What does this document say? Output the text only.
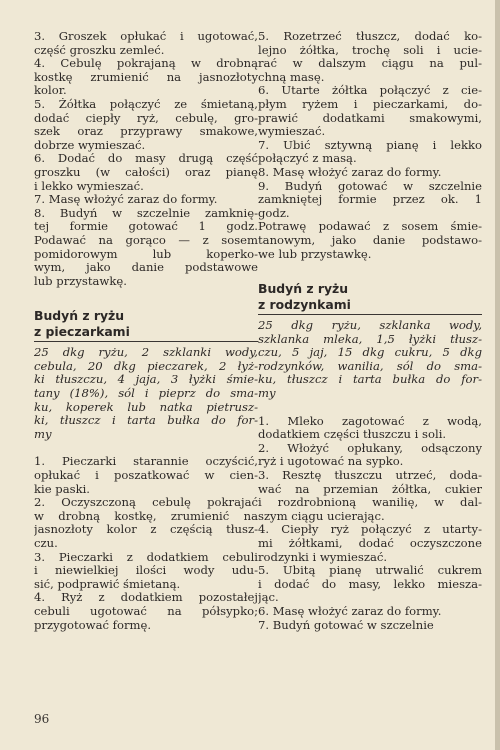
3. Groszek opłukać i ugotować,
część groszku zemleć.
4. Cebulę pokrajaną w drobną
kostkę zrumienić na jasnozłoty
kolor.
5. Żółtka połączyć ze śmietaną,
dodać ciepły ryż, cebulę, gro-
szek oraz przyprawy smakowe,
dobrze wymieszać.
6. Dodać do masy drugą część
groszku (w całości) oraz pianę
i lekko wymieszać.
7. Masę włożyć zaraz do formy.
8. Budyń w szczelnie zamknię-
tej formie gotować 1 godz.
Podawać na gorąco — z sosem
pomidorowym lub koperko-
wym, jako danie podstawowe
lub przystawkę.
Budyń z ryżu
z pieczarkami
25 dkg ryżu, 2 szklanki wody,
cebula, 20 dkg pieczarek, 2 łyż-
ki tłuszczu, 4 jaja, 3 łyżki śmie-
tany (18%), sól i pieprz do sma-
ku, koperek lub natka pietrusz-
ki, tłuszcz i tarta bułka do for-
my
1. Pieczarki starannie oczyścić,
opłukać i poszatkować w cien-
kie paski.
2. Oczyszczoną cebulę pokrajać
w drobną kostkę, zrumienić na
jasnozłoty kolor z częścią tłusz-
czu.
3. Pieczarki z dodatkiem cebuli
i niewielkiej ilości wody udu-
sić, podprawić śmietaną.
4. Ryż z dodatkiem pozostałej
cebuli ugotować na półsypko;
przygotować formę.
5. Rozetrzeć tłuszcz, dodać ko-
lejno żółtka, trochę soli i ucie-
rać w dalszym ciągu na pul-
chną masę.
6. Utarte żółtka połączyć z cie-
płym ryżem i pieczarkami, do-
prawić dodatkami smakowymi,
wymieszać.
7. Ubić sztywną pianę i lekko
połączyć z masą.
8. Masę włożyć zaraz do formy.
9. Budyń gotować w szczelnie
zamkniętej formie przez ok. 1
godz.
Potrawę podawać z sosem śmie-
tanowym, jako danie podstawo-
we lub przystawkę.
Budyń z ryżu
z rodzynkami
25 dkg ryżu, szklanka wody,
szklanka mleka, 1,5 łyżki tłusz-
czu, 5 jaj, 15 dkg cukru, 5 dkg
rodzynków, wanilia, sól do sma-
ku, tłuszcz i tarta bułka do for-
my
1. Mleko zagotować z wodą,
dodatkiem części tłuszczu i soli.
2. Włożyć opłukany, odsączony
ryż i ugotować na sypko.
3. Resztę tłuszczu utrzeć, doda-
wać na przemian żółtka, cukier
i rozdrobnioną wanilię, w dal-
szym ciągu ucierając.
4. Ciepły ryż połączyć z utarty-
mi żółtkami, dodać oczyszczone
rodzynki i wymieszać.
5. Ubitą pianę utrwalić cukrem
i dodać do masy, lekko miesza-
jąc.
6. Masę włożyć zaraz do formy.
7. Budyń gotować w szczelnie
96
